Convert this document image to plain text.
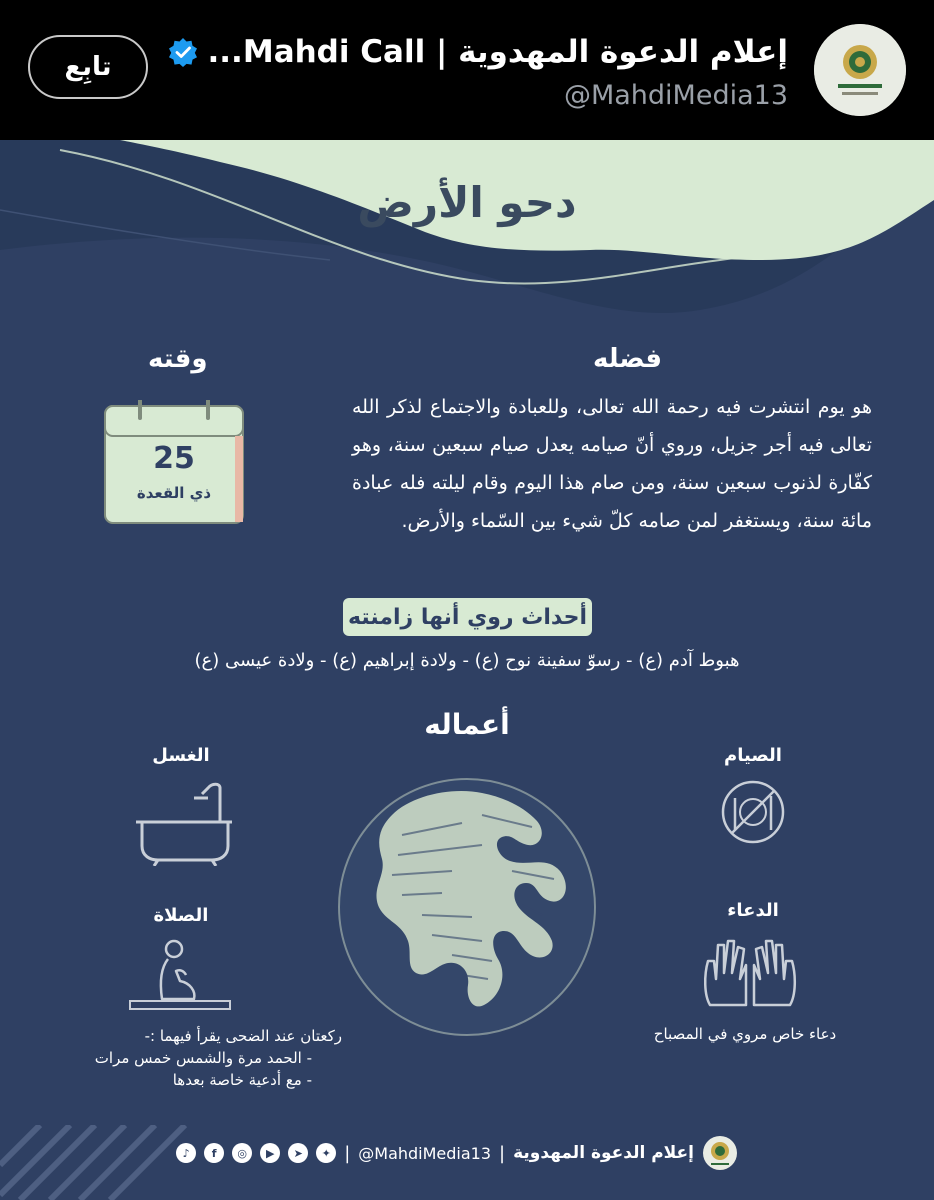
دحو الأرض
تابِع	إعلام الدعوة المهدوية | Mahdi Call...
@MahdiMedia13
فضله
هو يوم انتشرت فيه رحمة الله تعالى، وللعبادة والاجتماع لذكر الله تعالى فيه أجر جزيل، وروي أنّ صيامه يعدل صيام سبعين سنة، وهو كفّارة لذنوب سبعين سنة، ومن صام هذا اليوم وقام ليلته فله عبادة مائة سنة، ويستغفر لمن صامه كلّ شيء بين السّماء والأرض.
وقته
25
ذي القعدة
أحداث روي أنها زامنته
هبوط آدم (ع) - رسوّ سفينة نوح (ع) - ولادة إبراهيم (ع) - ولادة عيسى (ع)
أعماله
الصيام
الغسل
الدعاء
دعاء خاص مروي في المصباح
الصلاة
ركعتان عند الضحى يقرأ فيهما :-
- الحمد مرة والشمس خمس مرات
- مع أدعية خاصة بعدها
♪	f	◎	▶	➤	✦ | @MahdiMedia13 | إعلام الدعوة المهدوية
